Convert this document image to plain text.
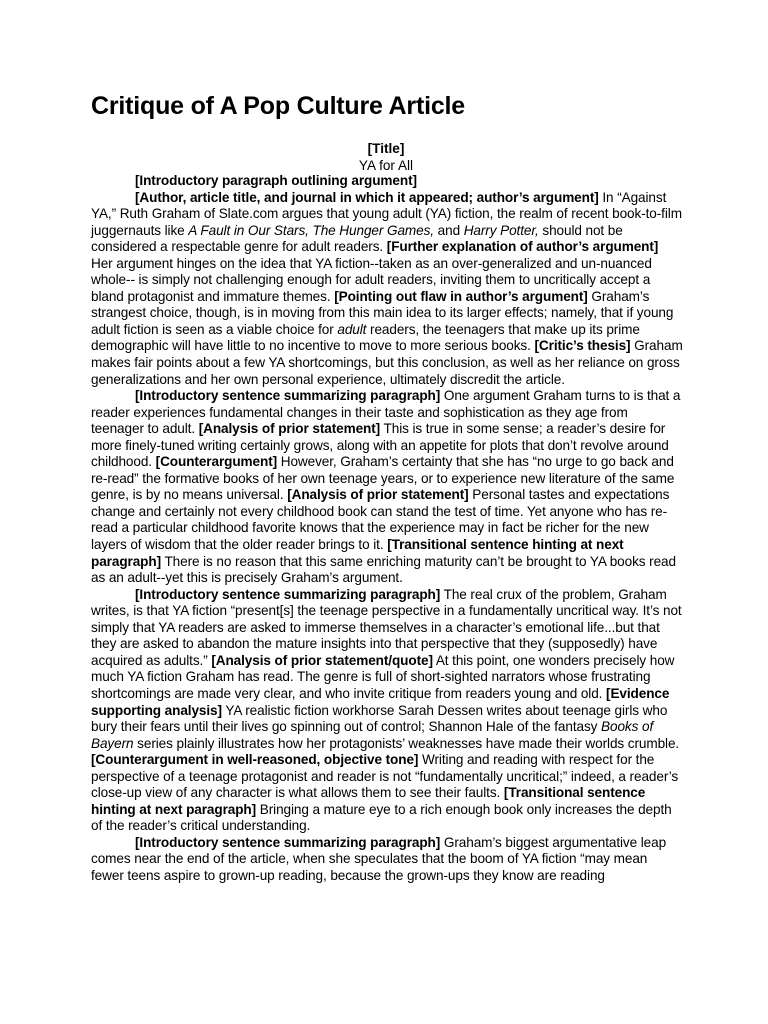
Critique of A Pop Culture Article
[Title]
YA for All

[Introductory paragraph outlining argument]

[Author, article title, and journal in which it appeared; author’s argument] In “Against YA,” Ruth Graham of Slate.com argues that young adult (YA) fiction, the realm of recent book-to-film juggernauts like A Fault in Our Stars, The Hunger Games, and Harry Potter, should not be considered a respectable genre for adult readers. [Further explanation of author’s argument] Her argument hinges on the idea that YA fiction--taken as an over-generalized and un-nuanced whole-- is simply not challenging enough for adult readers, inviting them to uncritically accept a bland protagonist and immature themes. [Pointing out flaw in author’s argument] Graham’s strangest choice, though, is in moving from this main idea to its larger effects; namely, that if young adult fiction is seen as a viable choice for adult readers, the teenagers that make up its prime demographic will have little to no incentive to move to more serious books. [Critic’s thesis] Graham makes fair points about a few YA shortcomings, but this conclusion, as well as her reliance on gross generalizations and her own personal experience, ultimately discredit the article.

[Introductory sentence summarizing paragraph] One argument Graham turns to is that a reader experiences fundamental changes in their taste and sophistication as they age from teenager to adult. [Analysis of prior statement] This is true in some sense; a reader’s desire for more finely-tuned writing certainly grows, along with an appetite for plots that don’t revolve around childhood. [Counterargument] However, Graham’s certainty that she has “no urge to go back and re-read” the formative books of her own teenage years, or to experience new literature of the same genre, is by no means universal. [Analysis of prior statement] Personal tastes and expectations change and certainly not every childhood book can stand the test of time. Yet anyone who has re-read a particular childhood favorite knows that the experience may in fact be richer for the new layers of wisdom that the older reader brings to it. [Transitional sentence hinting at next paragraph] There is no reason that this same enriching maturity can’t be brought to YA books read as an adult--yet this is precisely Graham’s argument.

[Introductory sentence summarizing paragraph] The real crux of the problem, Graham writes, is that YA fiction “present[s] the teenage perspective in a fundamentally uncritical way. It’s not simply that YA readers are asked to immerse themselves in a character’s emotional life...but that they are asked to abandon the mature insights into that perspective that they (supposedly) have acquired as adults.” [Analysis of prior statement/quote] At this point, one wonders precisely how much YA fiction Graham has read. The genre is full of short-sighted narrators whose frustrating shortcomings are made very clear, and who invite critique from readers young and old. [Evidence supporting analysis] YA realistic fiction workhorse Sarah Dessen writes about teenage girls who bury their fears until their lives go spinning out of control; Shannon Hale of the fantasy Books of Bayern series plainly illustrates how her protagonists’ weaknesses have made their worlds crumble. [Counterargument in well-reasoned, objective tone] Writing and reading with respect for the perspective of a teenage protagonist and reader is not “fundamentally uncritical;” indeed, a reader’s close-up view of any character is what allows them to see their faults. [Transitional sentence hinting at next paragraph] Bringing a mature eye to a rich enough book only increases the depth of the reader’s critical understanding.

[Introductory sentence summarizing paragraph] Graham’s biggest argumentative leap comes near the end of the article, when she speculates that the boom of YA fiction “may mean fewer teens aspire to grown-up reading, because the grown-ups they know are reading
